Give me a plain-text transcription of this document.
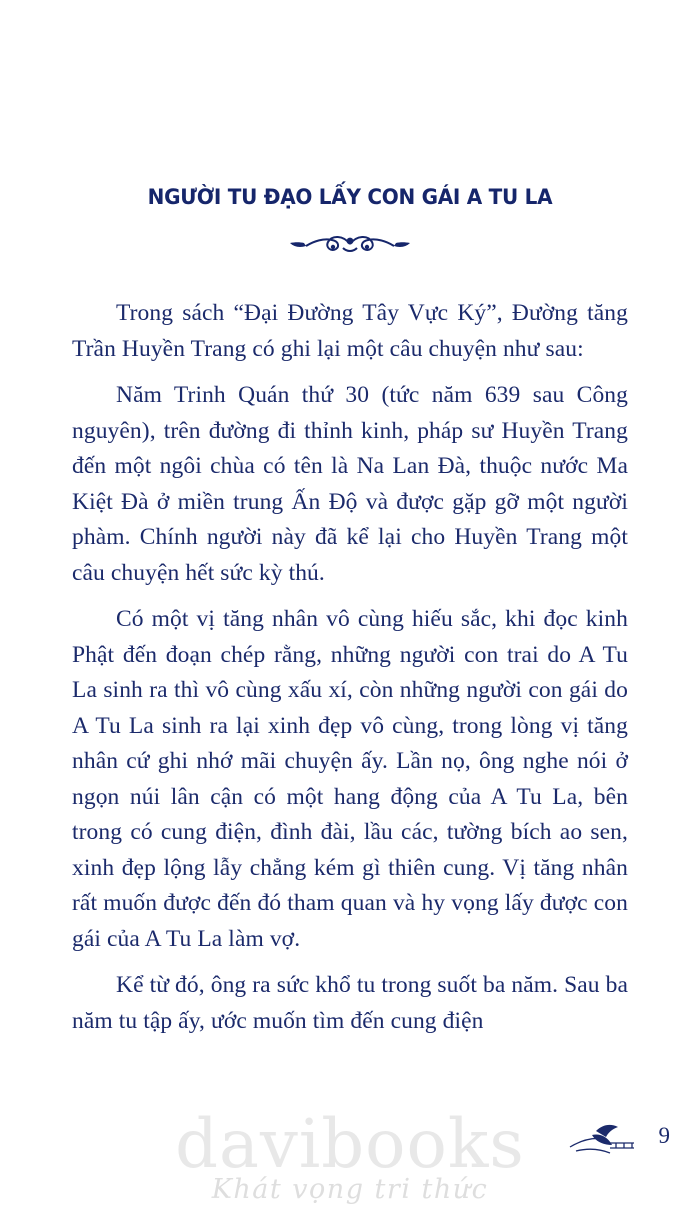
NGƯỜI TU ĐẠO LẤY CON GÁI A TU LA

Trong sách “Đại Đường Tây Vực Ký”, Đường tăng Trần Huyền Trang có ghi lại một câu chuyện như sau:

Năm Trinh Quán thứ 30 (tức năm 639 sau Công nguyên), trên đường đi thỉnh kinh, pháp sư Huyền Trang đến một ngôi chùa có tên là Na Lan Đà, thuộc nước Ma Kiệt Đà ở miền trung Ấn Độ và được gặp gỡ một người phàm. Chính người này đã kể lại cho Huyền Trang một câu chuyện hết sức kỳ thú.

Có một vị tăng nhân vô cùng hiếu sắc, khi đọc kinh Phật đến đoạn chép rằng, những người con trai do A Tu La sinh ra thì vô cùng xấu xí, còn những người con gái do A Tu La sinh ra lại xinh đẹp vô cùng, trong lòng vị tăng nhân cứ ghi nhớ mãi chuyện ấy. Lần nọ, ông nghe nói ở ngọn núi lân cận có một hang động của A Tu La, bên trong có cung điện, đình đài, lầu các, tường bích ao sen, xinh đẹp lộng lẫy chẳng kém gì thiên cung. Vị tăng nhân rất muốn được đến đó tham quan và hy vọng lấy được con gái của A Tu La làm vợ.

Kể từ đó, ông ra sức khổ tu trong suốt ba năm. Sau ba năm tu tập ấy, ước muốn tìm đến cung điện

9
davibooks
Khát vọng tri thức
